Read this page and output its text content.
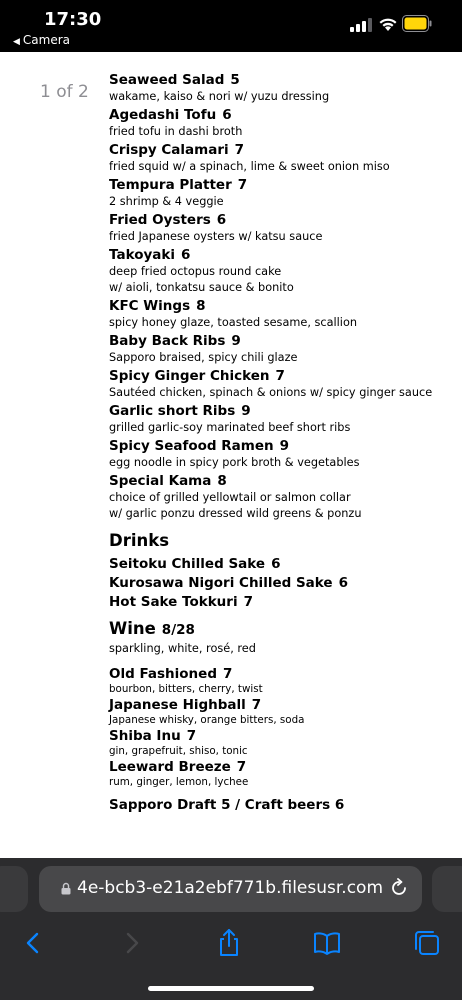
17:30
◀ Camera
1 of 2
Seaweed Salad 5
wakame, kaiso & nori w/ yuzu dressing
Agedashi Tofu 6
fried tofu in dashi broth
Crispy Calamari 7
fried squid w/ a spinach, lime & sweet onion miso
Tempura Platter 7
2 shrimp & 4 veggie
Fried Oysters 6
fried Japanese oysters w/ katsu sauce
Takoyaki 6
deep fried octopus round cake
w/ aioli, tonkatsu sauce & bonito
KFC Wings 8
spicy honey glaze, toasted sesame, scallion
Baby Back Ribs 9
Sapporo braised, spicy chili glaze
Spicy Ginger Chicken 7
Sautéed chicken, spinach & onions w/ spicy ginger sauce
Garlic short Ribs 9
grilled garlic-soy marinated beef short ribs
Spicy Seafood Ramen 9
egg noodle in spicy pork broth & vegetables
Special Kama 8
choice of grilled yellowtail or salmon collar
w/ garlic ponzu dressed wild greens & ponzu
Drinks
Seitoku Chilled Sake 6
Kurosawa Nigori Chilled Sake 6
Hot Sake Tokkuri 7
Wine 8/28
sparkling, white, rosé, red
Old Fashioned 7
bourbon, bitters, cherry, twist
Japanese Highball 7
Japanese whisky, orange bitters, soda
Shiba Inu 7
gin, grapefruit, shiso, tonic
Leeward Breeze 7
rum, ginger, lemon, lychee
Sapporo Draft 5 / Craft beers 6
4e-bcb3-e21a2ebf771b.filesusr.com
